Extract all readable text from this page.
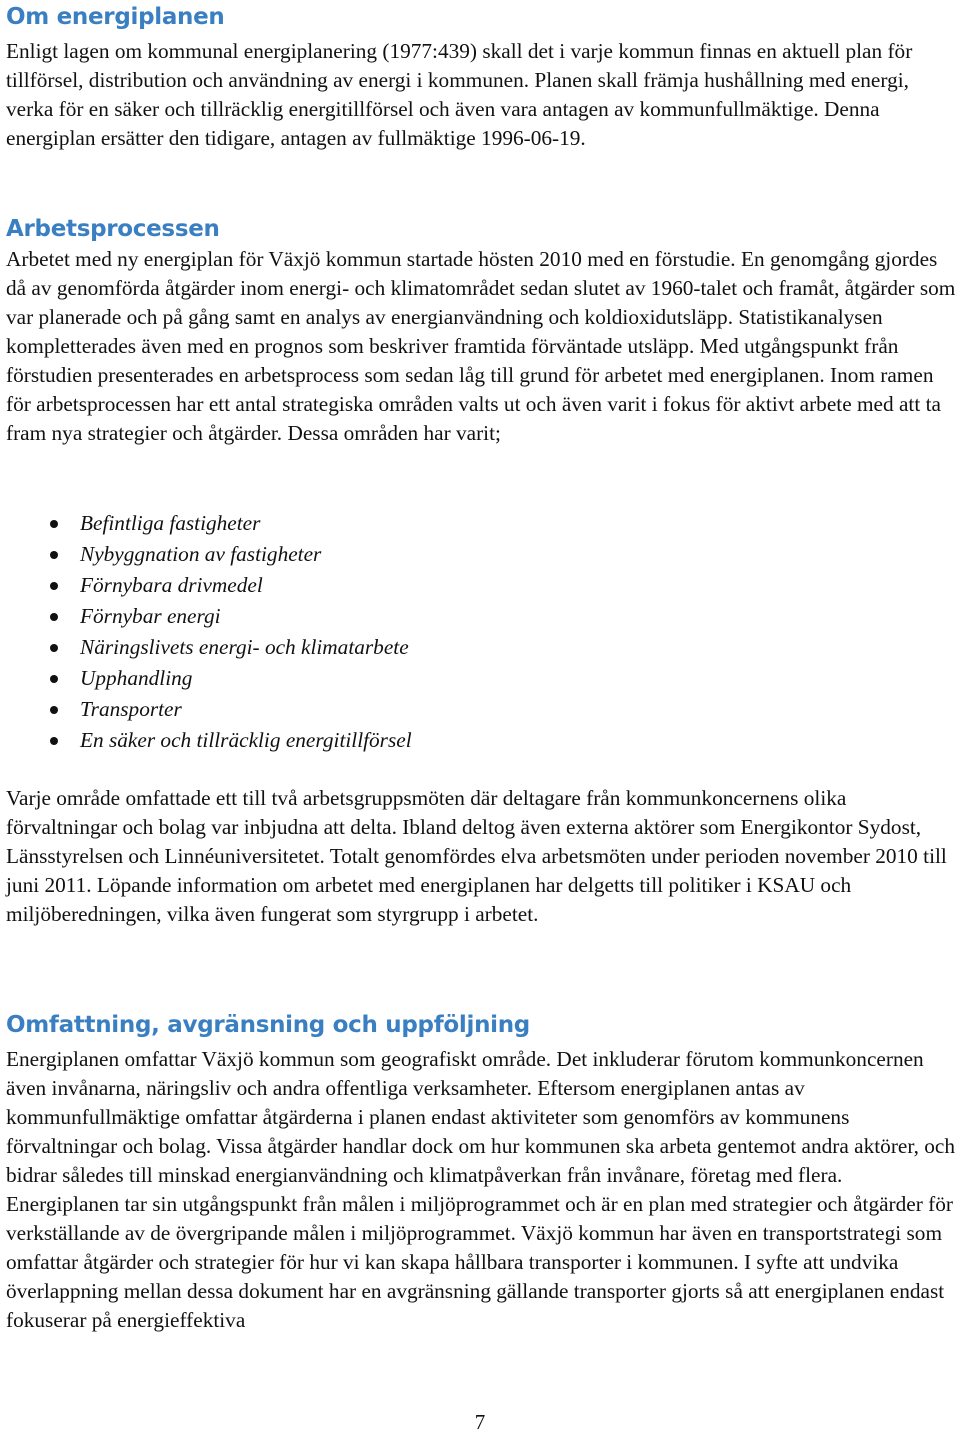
Om energiplanen

Enligt lagen om kommunal energiplanering (1977:439) skall det i varje kommun finnas en aktuell plan för tillförsel, distribution och användning av energi i kommunen. Planen skall främja hushållning med energi, verka för en säker och tillräcklig energitillförsel och även vara antagen av kommunfullmäktige. Denna energiplan ersätter den tidigare, antagen av fullmäktige 1996-06-19.

Arbetsprocessen

Arbetet med ny energiplan för Växjö kommun startade hösten 2010 med en förstudie. En genomgång gjordes då av genomförda åtgärder inom energi- och klimatområdet sedan slutet av 1960-talet och framåt, åtgärder som var planerade och på gång samt en analys av energianvändning och koldioxidutsläpp. Statistikanalysen kompletterades även med en prognos som beskriver framtida förväntade utsläpp. Med utgångspunkt från förstudien presenterades en arbetsprocess som sedan låg till grund för arbetet med energiplanen. Inom ramen för arbetsprocessen har ett antal strategiska områden valts ut och även varit i fokus för aktivt arbete med att ta fram nya strategier och åtgärder. Dessa områden har varit;

Befintliga fastigheter
Nybyggnation av fastigheter
Förnybara drivmedel
Förnybar energi
Näringslivets energi- och klimatarbete
Upphandling
Transporter
En säker och tillräcklig energitillförsel

Varje område omfattade ett till två arbetsgruppsmöten där deltagare från kommunkoncernens olika förvaltningar och bolag var inbjudna att delta. Ibland deltog även externa aktörer som Energikontor Sydost, Länsstyrelsen och Linnéuniversitetet. Totalt genomfördes elva arbetsmöten under perioden november 2010 till juni 2011. Löpande information om arbetet med energiplanen har delgetts till politiker i KSAU och miljöberedningen, vilka även fungerat som styrgrupp i arbetet.

Omfattning, avgränsning och uppföljning

Energiplanen omfattar Växjö kommun som geografiskt område. Det inkluderar förutom kommunkoncernen även invånarna, näringsliv och andra offentliga verksamheter. Eftersom energiplanen antas av kommunfullmäktige omfattar åtgärderna i planen endast aktiviteter som genomförs av kommunens förvaltningar och bolag. Vissa åtgärder handlar dock om hur kommunen ska arbeta gentemot andra aktörer, och bidrar således till minskad energianvändning och klimatpåverkan från invånare, företag med flera. Energiplanen tar sin utgångspunkt från målen i miljöprogrammet och är en plan med strategier och åtgärder för verkställande av de övergripande målen i miljöprogrammet. Växjö kommun har även en transportstrategi som omfattar åtgärder och strategier för hur vi kan skapa hållbara transporter i kommunen. I syfte att undvika överlappning mellan dessa dokument har en avgränsning gällande transporter gjorts så att energiplanen endast fokuserar på energieffektiva

7
